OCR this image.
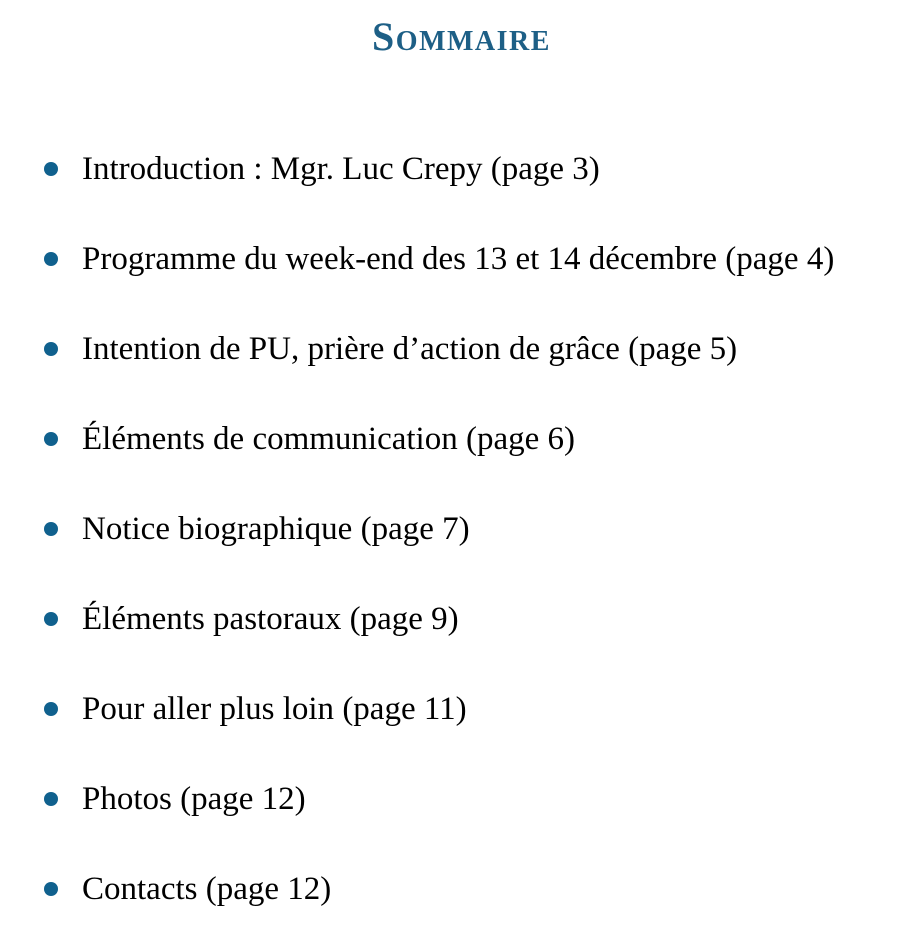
Sommaire
Introduction : Mgr. Luc Crepy (page 3)
Programme du week-end des 13 et 14 décembre (page 4)
Intention de PU, prière d’action de grâce (page 5)
Éléments de communication (page 6)
Notice biographique (page 7)
Éléments pastoraux (page 9)
Pour aller plus loin (page 11)
Photos (page 12)
Contacts (page 12)
